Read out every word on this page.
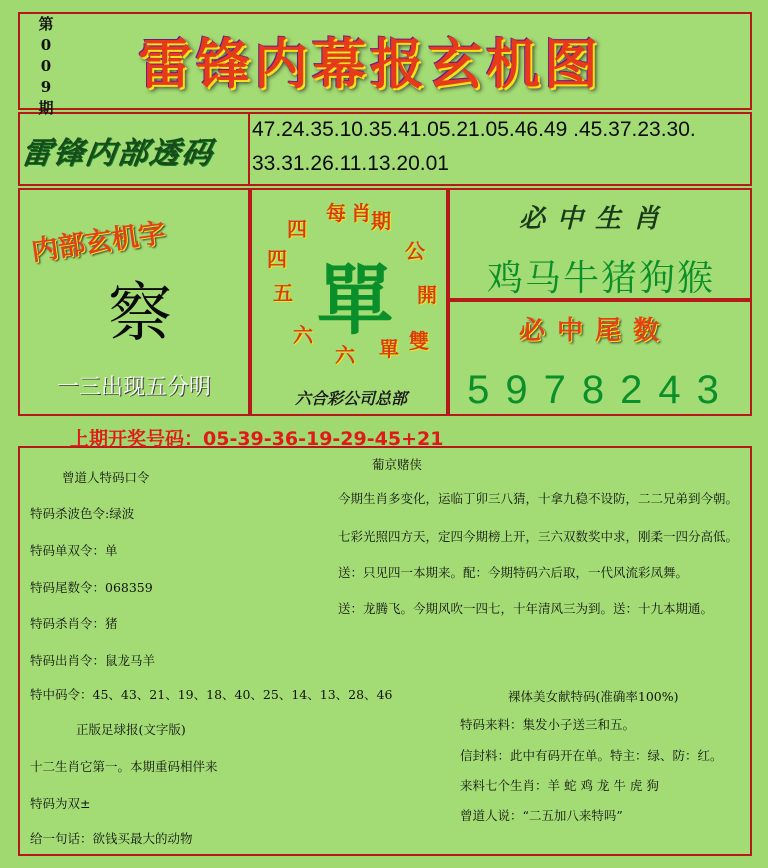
第
0
0
9
期
雷锋内幕报玄机图
雷锋内部透码
47.24.35.10.35.41.05.21.05.46.49 .45.37.23.30.
33.31.26.11.13.20.01
内部玄机字
察
一三出现五分明
每 期
公
開
雙
單
六
六
五
四
四
肖
單
六合彩公司总部
必中生肖
鸡马牛猪狗猴
必中尾数
5978243
上期开奖号码：05-39-36-19-29-45+21
曾道人特码口令
特码杀波色令:绿波
特码单双令：单
特码尾数令：068359
特码杀肖令：猪
特码出肖令：鼠龙马羊
特中码令：45、43、21、19、18、40、25、14、13、28、46
正版足球报(文字版)
十二生肖它第一。本期重码相伴来
特码为双±
给一句话：欲钱买最大的动物
葡京赌侠
今期生肖多变化，运临丁卯三八猜，十拿九稳不设防，二二兄弟到今朝。
七彩光照四方天，定四今期榜上开，三六双数奖中求，刚柔一四分高低。
送：只见四一本期来。配：今期特码六后取，一代风流彩凤舞。
送：龙腾飞。今期风吹一四七，十年清风三为到。送：十九本期通。
裸体美女献特码(准确率100%)
特码来料：集发小子送三和五。
信封料：此中有码开在单。特主：绿、防：红。
来料七个生肖：羊 蛇 鸡 龙 牛 虎 狗
曾道人说：“二五加八来特吗”
